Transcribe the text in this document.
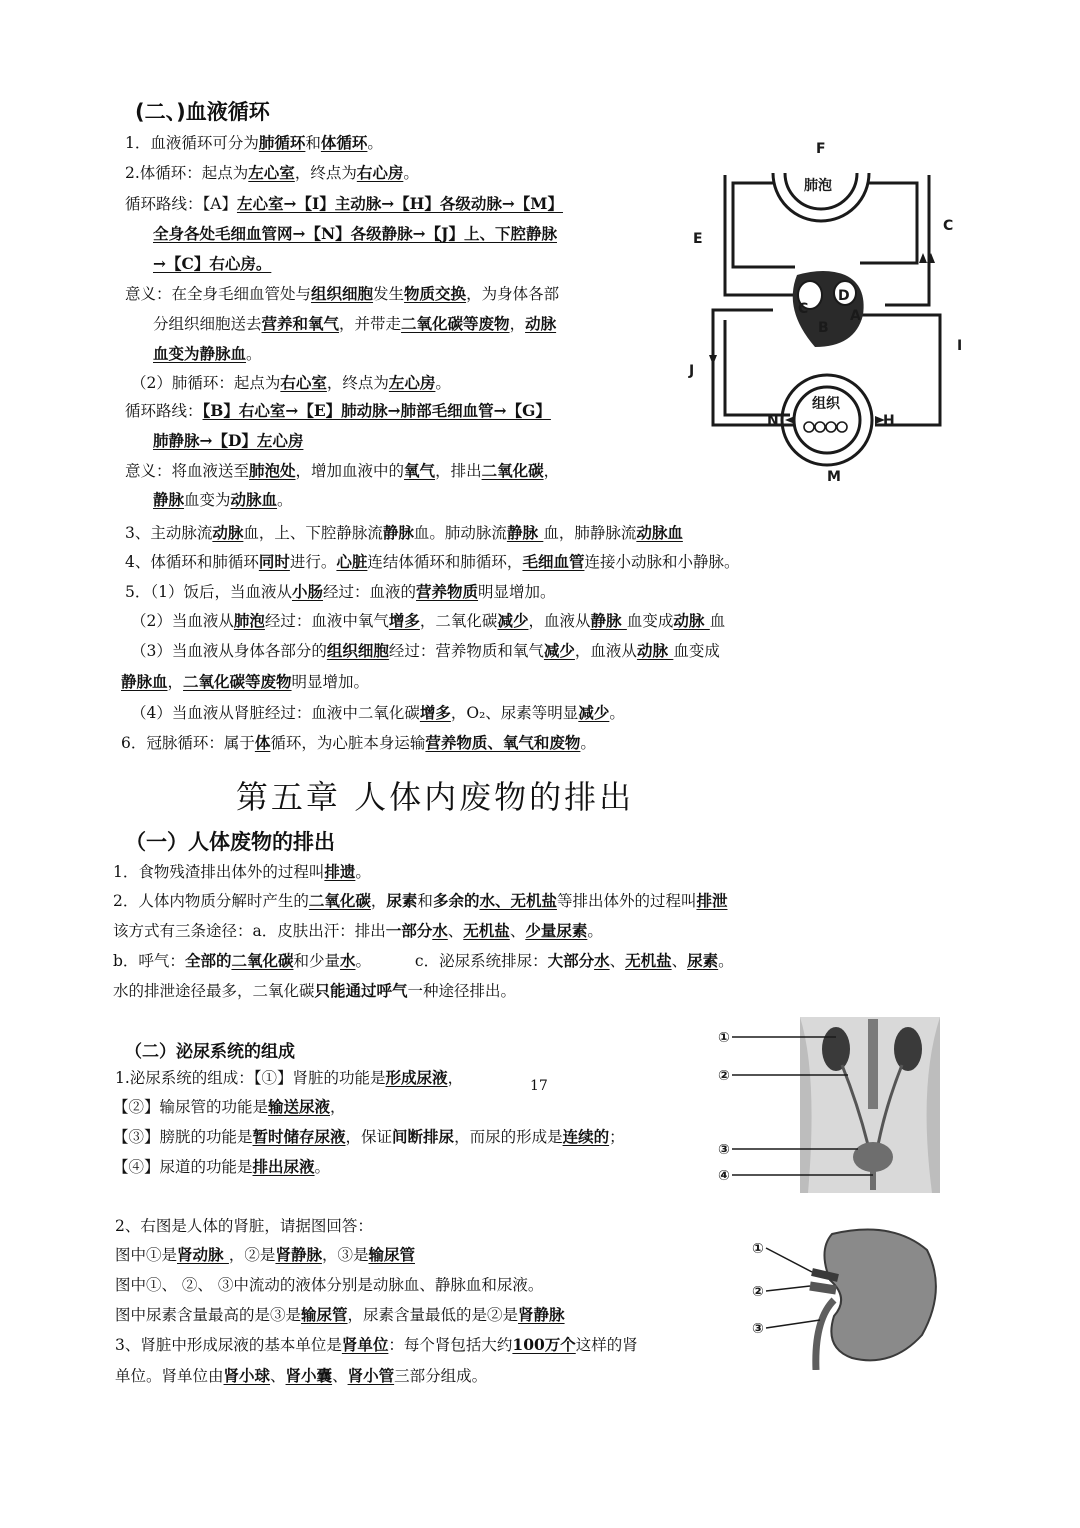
(二、)血液循环
1．血液循环可分为肺循环和体循环。
2.体循环：起点为左心室，终点为右心房。
循环路线：【A】左心室→【I】主动脉→【H】各级动脉→【M】
全身各处毛细血管网→【N】各级静脉→【J】上、下腔静脉
→【C】右心房。
意义：在全身毛细血管处与组织细胞发生物质交换，为身体各部
分组织细胞送去营养和氧气，并带走二氧化碳等废物，动脉
血变为静脉血。
（2）肺循环：起点为右心室，终点为左心房。
循环路线：【B】右心室→【E】肺动脉→肺部毛细血管→【G】
肺静脉→【D】左心房
意义：将血液送至肺泡处，增加血液中的氧气，排出二氧化碳，
静脉血变为动脉血。
3、主动脉流动脉血，上、下腔静脉流静脉血。肺动脉流静脉 血，肺静脉流动脉血
4、体循环和肺循环同时进行。心脏连结体循环和肺循环，毛细血管连接小动脉和小静脉。
5．（1）饭后，当血液从小肠经过：血液的营养物质明显增加。
（2）当血液从肺泡经过：血液中氧气增多，二氧化碳减少，血液从静脉 血变成动脉 血
（3）当血液从身体各部分的组织细胞经过：营养物质和氧气减少，血液从动脉 血变成
静脉血，二氧化碳等废物明显增加。
（4）当血液从肾脏经过：血液中二氧化碳增多，O₂、尿素等明显减少。
6．冠脉循环：属于体循环，为心脏本身运输营养物质、氧气和废物。
F
肺泡
E
C
I
C
D
A
B
J
组织
N	H
M
第五章 人体内废物的排出
（一）人体废物的排出
1．食物残渣排出体外的过程叫排遗。
2．人体内物质分解时产生的二氧化碳，尿素和多余的水、无机盐等排出体外的过程叫排泄
该方式有三条途径：a．皮肤出汗：排出一部分水、无机盐、少量尿素。
b．呼气：全部的二氧化碳和少量水。	c．泌尿系统排尿：大部分水、无机盐、尿素。
水的排泄途径最多，二氧化碳只能通过呼气一种途径排出。
（二）泌尿系统的组成
1.泌尿系统的组成：【①】肾脏的功能是形成尿液，
【②】输尿管的功能是输送尿液，
【③】膀胱的功能是暂时储存尿液，保证间断排尿，而尿的形成是连续的；
【④】尿道的功能是排出尿液。
①
②
③
④
2、右图是人体的肾脏，请据图回答：
图中①是肾动脉 ，②是肾静脉，③是输尿管
图中①、 ②、 ③中流动的液体分别是动脉血、静脉血和尿液。
图中尿素含量最高的是③是输尿管，尿素含量最低的是②是肾静脉
3、肾脏中形成尿液的基本单位是肾单位：每个肾包括大约100万个这样的肾
单位。肾单位由肾小球、肾小囊、肾小管三部分组成。
①
②
③
17
